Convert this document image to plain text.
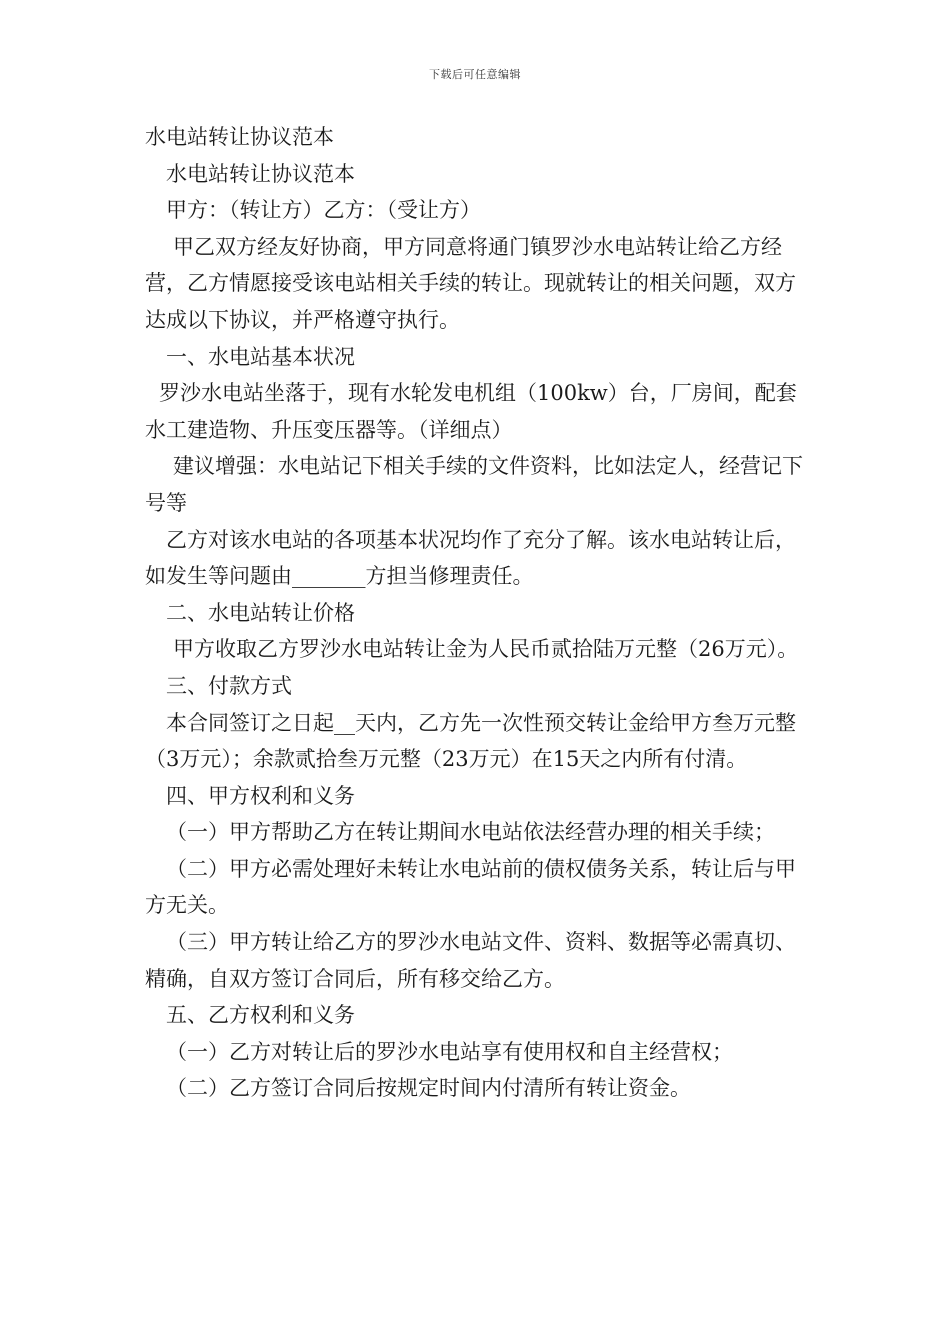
下载后可任意编辑

水电站转让协议范本

水电站转让协议范本

甲方：（转让方）乙方：（受让方）

甲乙双方经友好协商，甲方同意将通门镇罗沙水电站转让给乙方经营，乙方情愿接受该电站相关手续的转让。现就转让的相关问题，双方达成以下协议，并严格遵守执行。

一、水电站基本状况

罗沙水电站坐落于，现有水轮发电机组（100kw）台，厂房间，配套水工建造物、升压变压器等。（详细点）

建议增强：水电站记下相关手续的文件资料，比如法定人，经营记下号等

乙方对该水电站的各项基本状况均作了充分了解。该水电站转让后，如发生等问题由_______方担当修理责任。

二、水电站转让价格

甲方收取乙方罗沙水电站转让金为人民币贰拾陆万元整（26万元）。

三、付款方式

本合同签订之日起__天内，乙方先一次性预交转让金给甲方叁万元整（3万元）；余款贰拾叁万元整（23万元）在15天之内所有付清。

四、甲方权利和义务

（一）甲方帮助乙方在转让期间水电站依法经营办理的相关手续；

（二）甲方必需处理好未转让水电站前的债权债务关系，转让后与甲方无关。

（三）甲方转让给乙方的罗沙水电站文件、资料、数据等必需真切、精确，自双方签订合同后，所有移交给乙方。

五、乙方权利和义务

（一）乙方对转让后的罗沙水电站享有使用权和自主经营权；

（二）乙方签订合同后按规定时间内付清所有转让资金。
